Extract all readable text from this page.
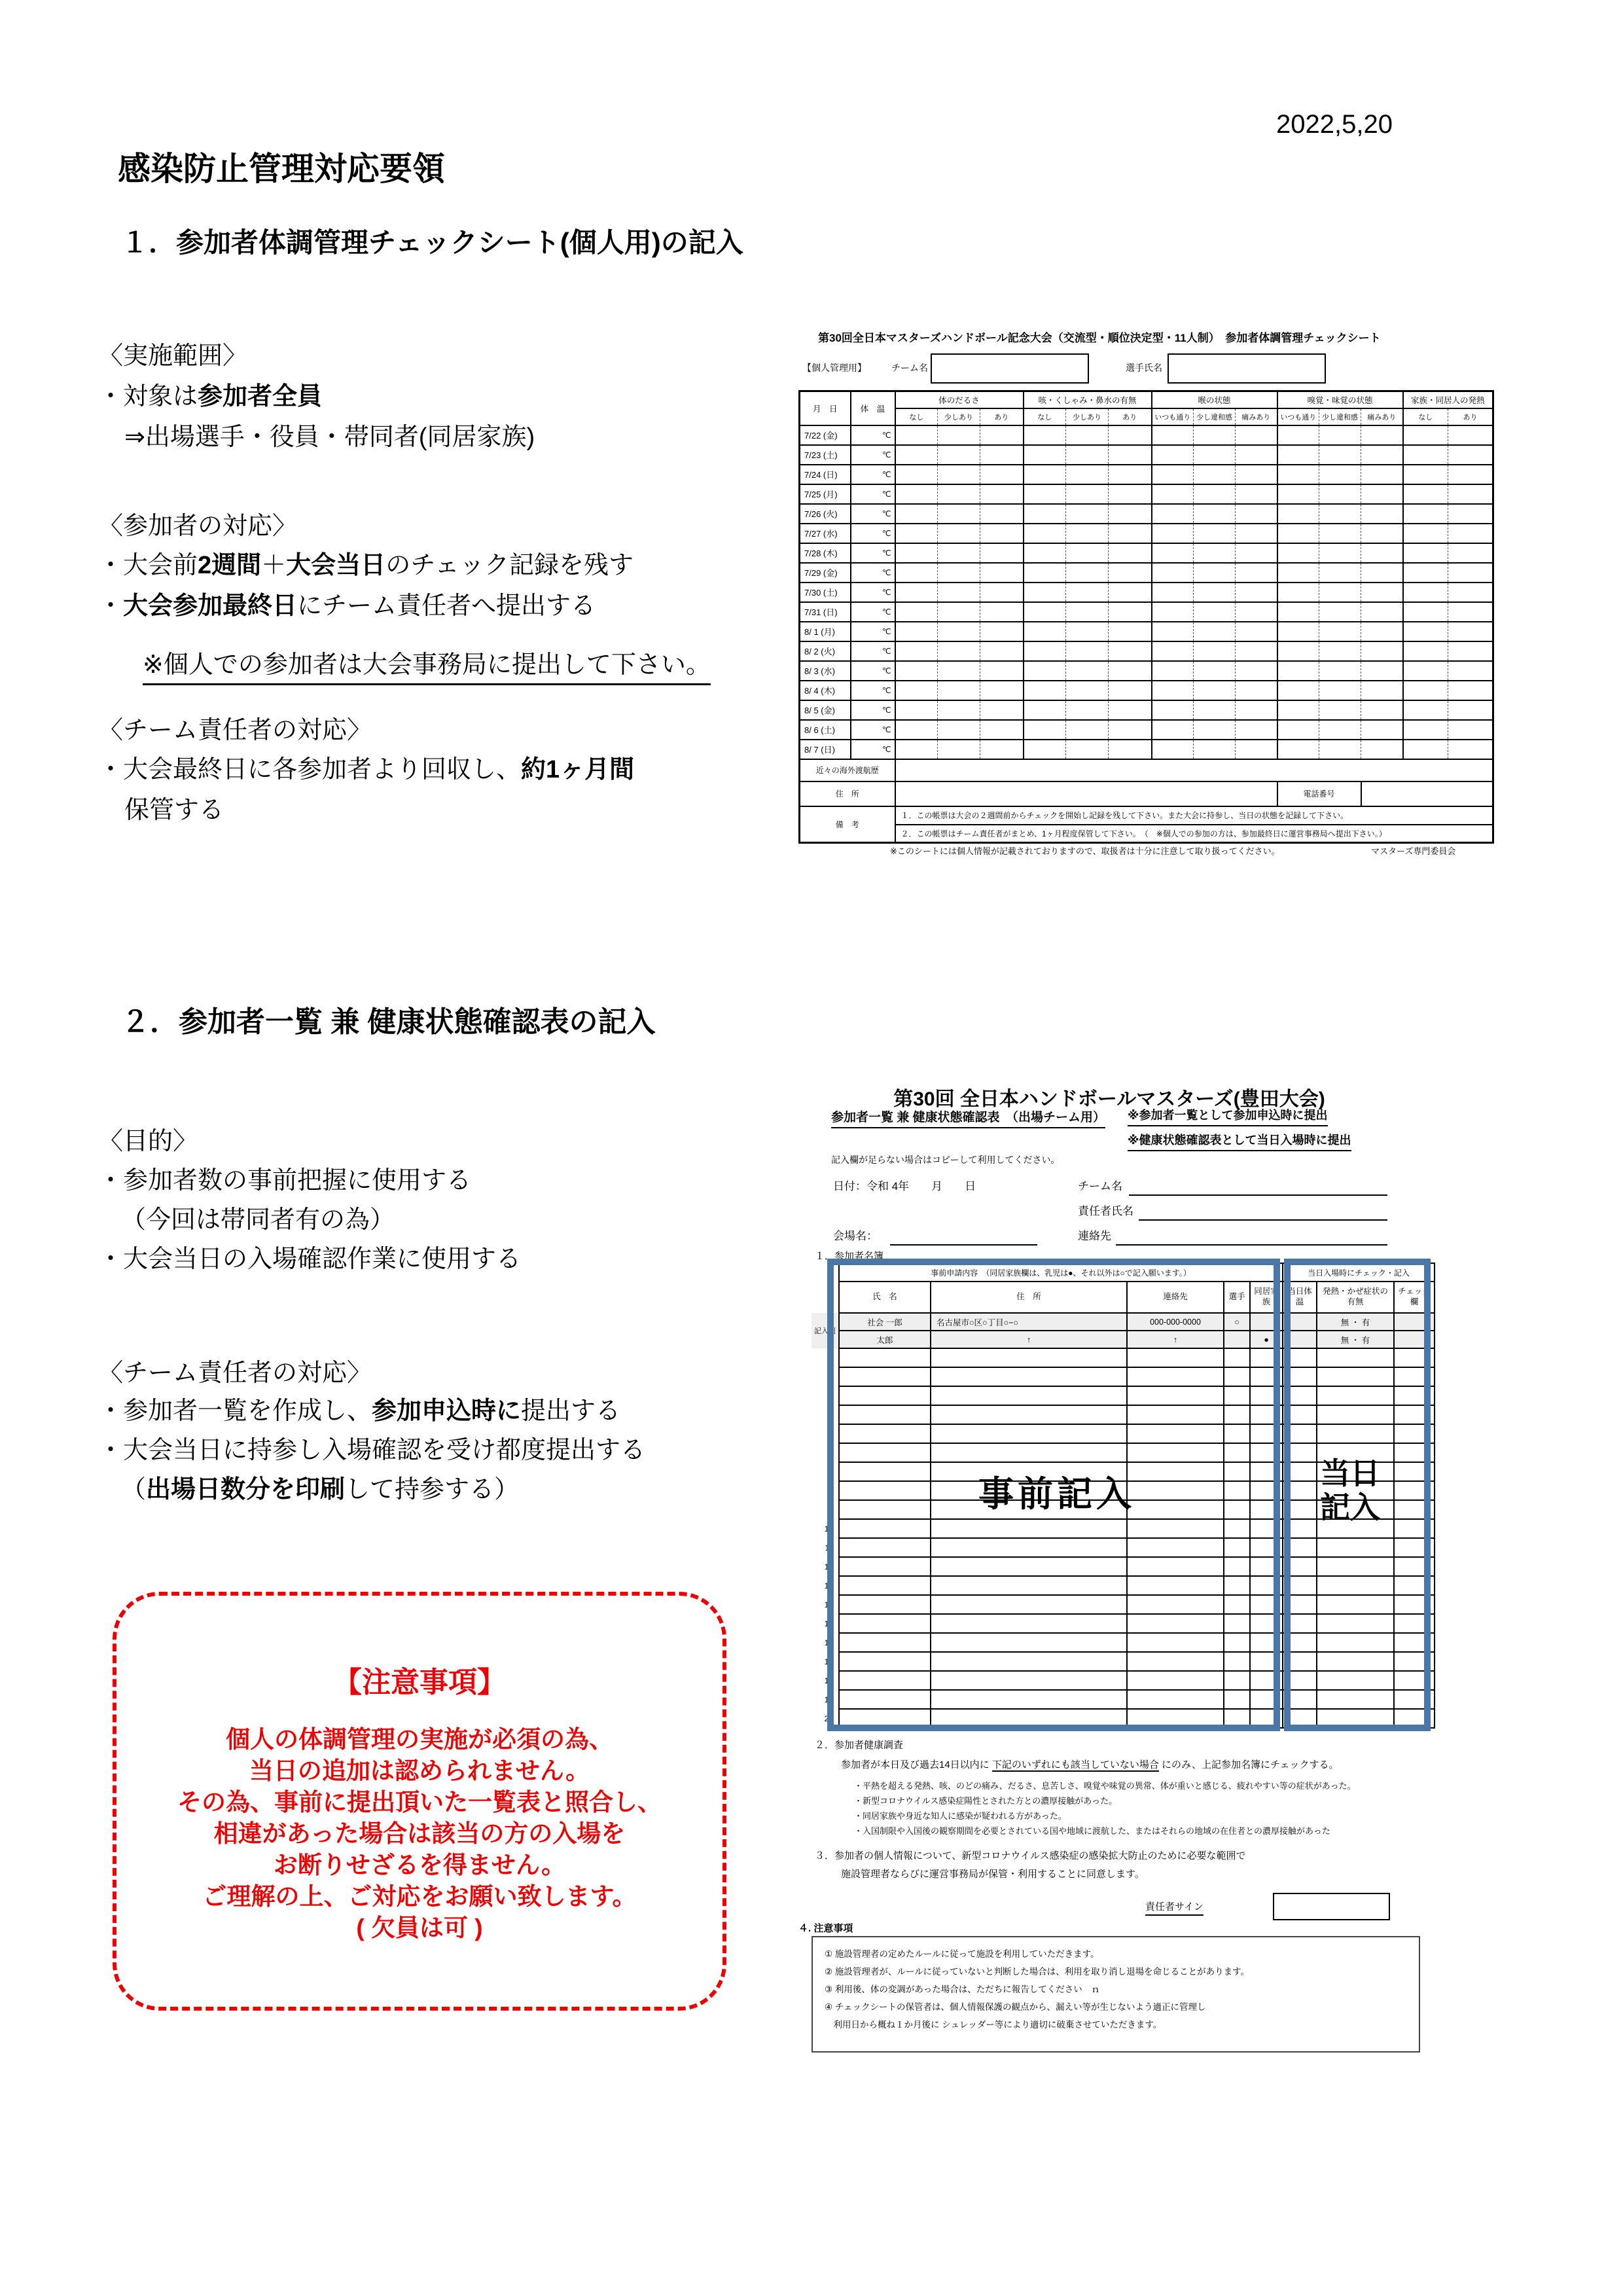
2022,5,20
感染防止管理対応要領
１．参加者体調管理チェックシート(個人用)の記入
〈実施範囲〉
・対象は参加者全員
⇒出場選手・役員・帯同者(同居家族)
〈参加者の対応〉
・大会前2週間＋大会当日のチェック記録を残す
・大会参加最終日にチーム責任者へ提出する
※個人での参加者は大会事務局に提出して下さい。
〈チーム責任者の対応〉
・大会最終日に各参加者より回収し、約1ヶ月間
保管する
第30回全日本マスターズハンドボール記念大会（交流型・順位決定型・11人制）　参加者体調管理チェックシート
【個人管理用】	チーム名	選手氏名
月　日	体　温	体のだるさ			咳・くしゃみ・鼻水の有無			喉の状態			嗅覚・味覚の状態			家族・同居人の発熱	
		なし	少しあり	あり	なし	少しあり	あり	いつも通り	少し違和感	痛みあり	いつも通り	少し違和感	痛みあり	なし	あり
7/22 (金)	℃														
7/23 (土)	℃														
7/24 (日)	℃														
7/25 (月)	℃														
7/26 (火)	℃														
7/27 (水)	℃														
7/28 (木)	℃														
7/29 (金)	℃														
7/30 (土)	℃														
7/31 (日)	℃														
8/ 1 (月)	℃														
8/ 2 (火)	℃														
8/ 3 (水)	℃														
8/ 4 (木)	℃														
8/ 5 (金)	℃														
8/ 6 (土)	℃														
8/ 7 (日)	℃														
近々の海外渡航歴															
住　所											電話番号				
備　考		１．この帳票は大会の２週間前からチェックを開始し記録を残して下さい。また大会に持参し、当日の状態を記録して下さい。													
		２．この帳票はチーム責任者がまとめ、1ヶ月程度保管して下さい。　（　※個人での参加の方は、参加最終日に運営事務局へ提出下さい。）													
※このシートには個人情報が記載されておりますので、取扱者は十分に注意して取り扱ってください。	マスターズ専門委員会
２．参加者一覧 兼 健康状態確認表の記入
〈目的〉
・参加者数の事前把握に使用する
（今回は帯同者有の為）
・大会当日の入場確認作業に使用する
〈チーム責任者の対応〉
・参加者一覧を作成し、参加申込時に提出する
・大会当日に持参し入場確認を受け都度提出する
（出場日数分を印刷して持参する）
【注意事項】
個人の体調管理の実施が必須の為、
当日の追加は認められません。
その為、事前に提出頂いた一覧表と照合し、
相違があった場合は該当の方の入場を
お断りせざるを得ません。
ご理解の上、ご対応をお願い致します。
( 欠員は可 )
第30回 全日本ハンドボールマスターズ(豊田大会)
参加者一覧 兼 健康状態確認表　（出場チーム用） ※参加者一覧として参加申込時に提出
※健康状態確認表として当日入場時に提出
記入欄が足らない場合はコピーして利用してください。
日付：令和 4年　　月　　日	チーム名
責任者氏名
会場名：	連絡先
１．参加者名簿
	事前申請内容　（同居家族欄は、乳児は●、それ以外は○で記入願います。）					当日入場時にチェック・記入		
	氏　名	住　所	連絡先	選手	同居家族	当日体温	発熱・かぜ症状の有無	チェック欄
記入例	社会 一郎	名古屋市○区○丁目○−○	000-000-0000	○			無 ・ 有	
	太郎	↑	↑		●		無 ・ 有	
1								
2								
3								
4								
5								
6								
7								
8								
9								
10								
11								
12								
13								
14								
15								
16								
17								
18								
19								
20								
事前記入
当日
記入
２．参加者健康調査
参加者が本日及び過去14日以内に 下記のいずれにも該当していない場合 にのみ、上記参加名簿にチェックする。
・平熱を超える発熱、咳、のどの痛み、だるさ、息苦しさ、嗅覚や味覚の異常、体が重いと感じる、疲れやすい等の症状があった。
・新型コロナウイルス感染症陽性とされた方との濃厚接触があった。
・同居家族や身近な知人に感染が疑われる方があった。
・入国制限や入国後の観察期間を必要とされている国や地域に渡航した、またはそれらの地域の在住者との濃厚接触があった
３．参加者の個人情報について、新型コロナウイルス感染症の感染拡大防止のために必要な範囲で
施設管理者ならびに運営事務局が保管・利用することに同意します。
責任者サイン
４. 注意事項
① 施設管理者の定めたルールに従って施設を利用していただきます。
② 施設管理者が、ルールに従っていないと判断した場合は、利用を取り消し退場を命じることがあります。
③ 利用後、体の変調があった場合は、ただちに報告してください　ｎ
④ チェックシートの保管者は、個人情報保護の観点から、漏えい等が生じないよう適正に管理し
　利用日から概ね１か月後に シュレッダー等により適切に破棄させていただきます。
